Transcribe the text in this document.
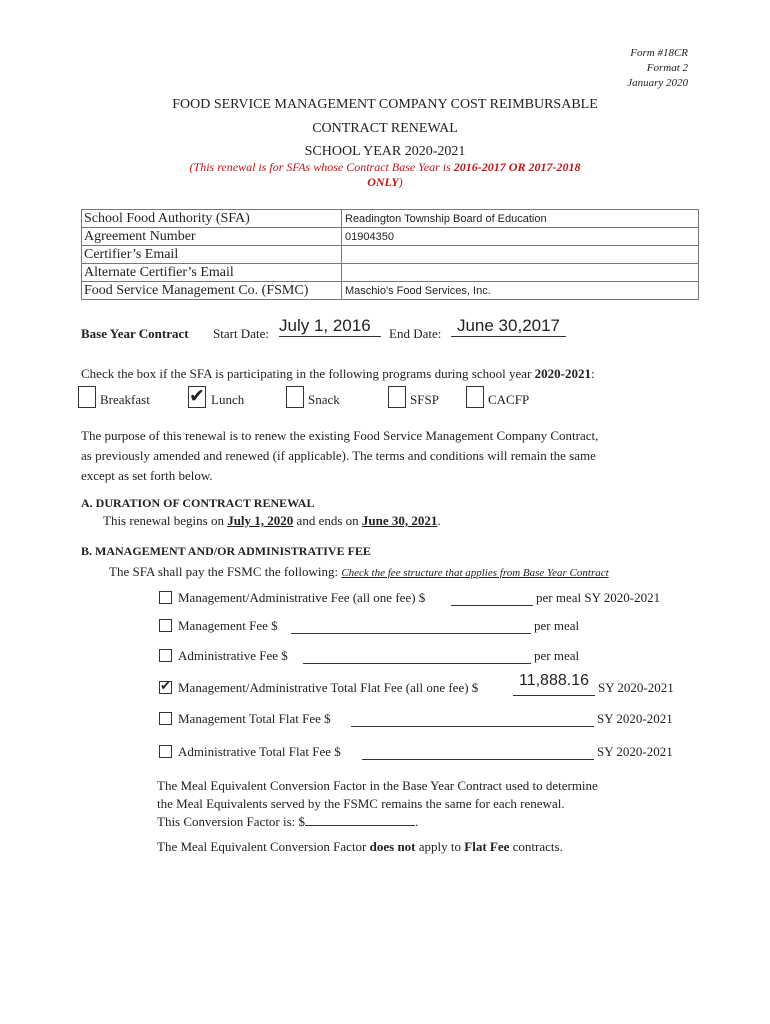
Form #18CR
Format 2
January 2020
FOOD SERVICE MANAGEMENT COMPANY COST REIMBURSABLE
CONTRACT RENEWAL
SCHOOL YEAR 2020-2021
(This renewal is for SFAs whose Contract Base Year is 2016-2017 OR 2017-2018
ONLY)
School Food Authority (SFA)	Readington Township Board of Education
Agreement Number	01904350
Certifier’s Email	
Alternate Certifier’s Email	
Food Service Management Co. (FSMC)	Maschio's Food Services, Inc.
Base Year Contract Start Date: July 1, 2016	End Date: June 30,2017
Check the box if the SFA is participating in the following programs during school year 2020-2021:
Breakfast ✔ Lunch	Snack	SFSP	CACFP
The purpose of this renewal is to renew the existing Food Service Management Company Contract,
as previously amended and renewed (if applicable). The terms and conditions will remain the same
except as set forth below.
A. DURATION OF CONTRACT RENEWAL
This renewal begins on July 1, 2020 and ends on June 30, 2021.
B. MANAGEMENT AND/OR ADMINISTRATIVE FEE
The SFA shall pay the FSMC the following: Check the fee structure that applies from Base Year Contract
Management/Administrative Fee (all one fee) $	per meal SY 2020-2021
Management Fee $	per meal
Administrative Fee $	per meal
✔ Management/Administrative Total Flat Fee (all one fee) $	11,888.16 SY 2020-2021
Management Total Flat Fee $	SY 2020-2021
Administrative Total Flat Fee $	SY 2020-2021
The Meal Equivalent Conversion Factor in the Base Year Contract used to determine
the Meal Equivalents served by the FSMC remains the same for each renewal.
This Conversion Factor is: $	.
The Meal Equivalent Conversion Factor does not apply to Flat Fee contracts.
